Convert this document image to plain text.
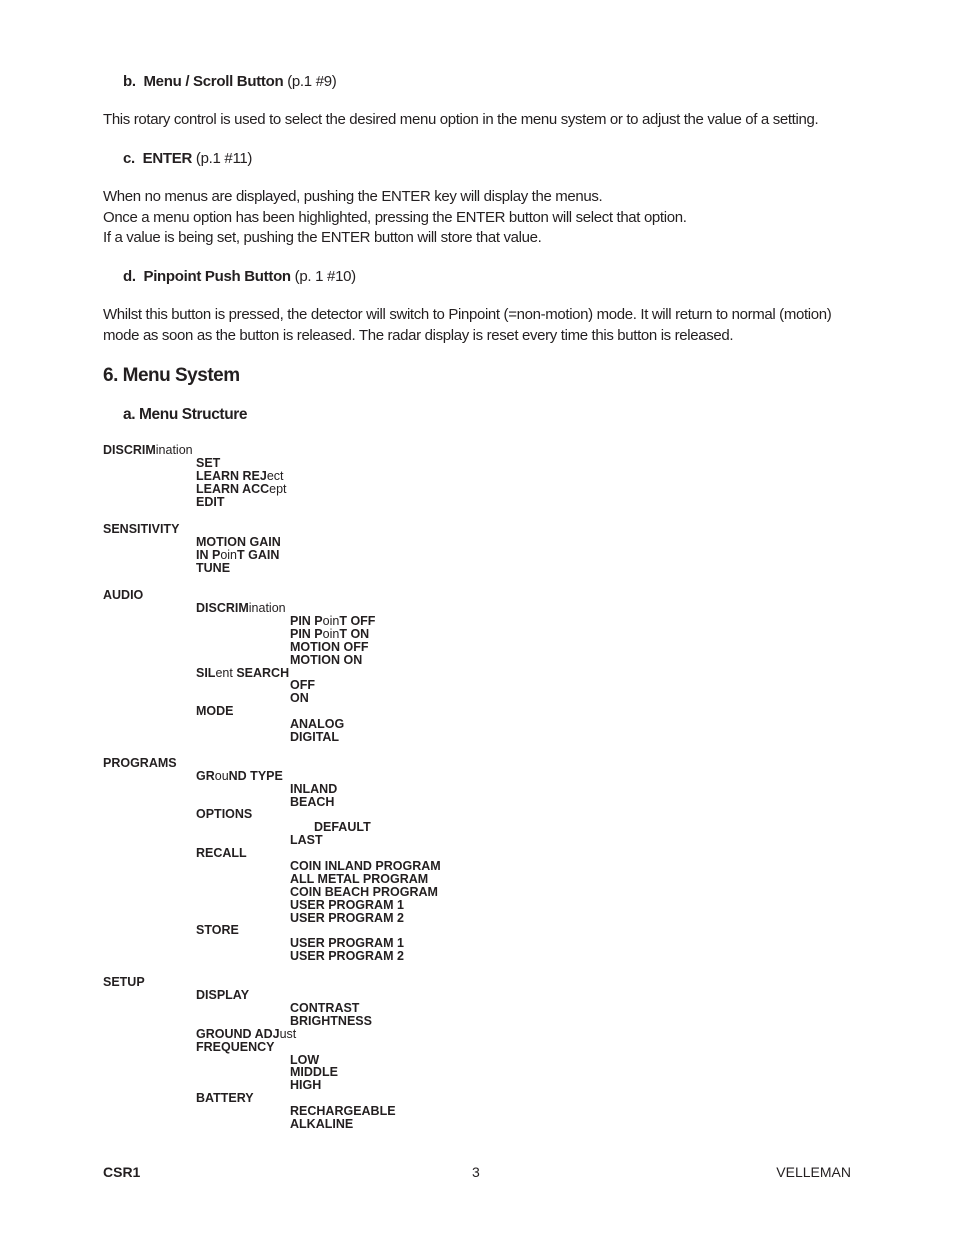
b. Menu / Scroll Button (p.1 #9)
This rotary control is used to select the desired menu option in the menu system or to adjust the value of a setting.
c. ENTER (p.1 #11)
When no menus are displayed, pushing the ENTER key will display the menus.
Once a menu option has been highlighted, pressing the ENTER button will select that option.
If a value is being set, pushing the ENTER button will store that value.
d. Pinpoint Push Button (p. 1 #10)
Whilst this button is pressed, the detector will switch to Pinpoint (=non-motion) mode. It will return to normal (motion)
mode as soon as the button is released. The radar display is reset every time this button is released.
6. Menu System
a. Menu Structure
DISCRIMination
SET
LEARN REJect
LEARN ACCept
EDIT
SENSITIVITY
MOTION GAIN
IN PoinT GAIN
TUNE
AUDIO
DISCRIMination
PIN PoinT OFF
PIN PoinT ON
MOTION OFF
MOTION ON
SILent SEARCH
OFF
ON
MODE
ANALOG
DIGITAL
PROGRAMS
GRouND TYPE
INLAND
BEACH
OPTIONS
DEFAULT
LAST
RECALL
COIN INLAND PROGRAM
ALL METAL PROGRAM
COIN BEACH PROGRAM
USER PROGRAM 1
USER PROGRAM 2
STORE
USER PROGRAM 1
USER PROGRAM 2
SETUP
DISPLAY
CONTRAST
BRIGHTNESS
GROUND ADJust
FREQUENCY
LOW
MIDDLE
HIGH
BATTERY
RECHARGEABLE
ALKALINE
CSR1	3	VELLEMAN
